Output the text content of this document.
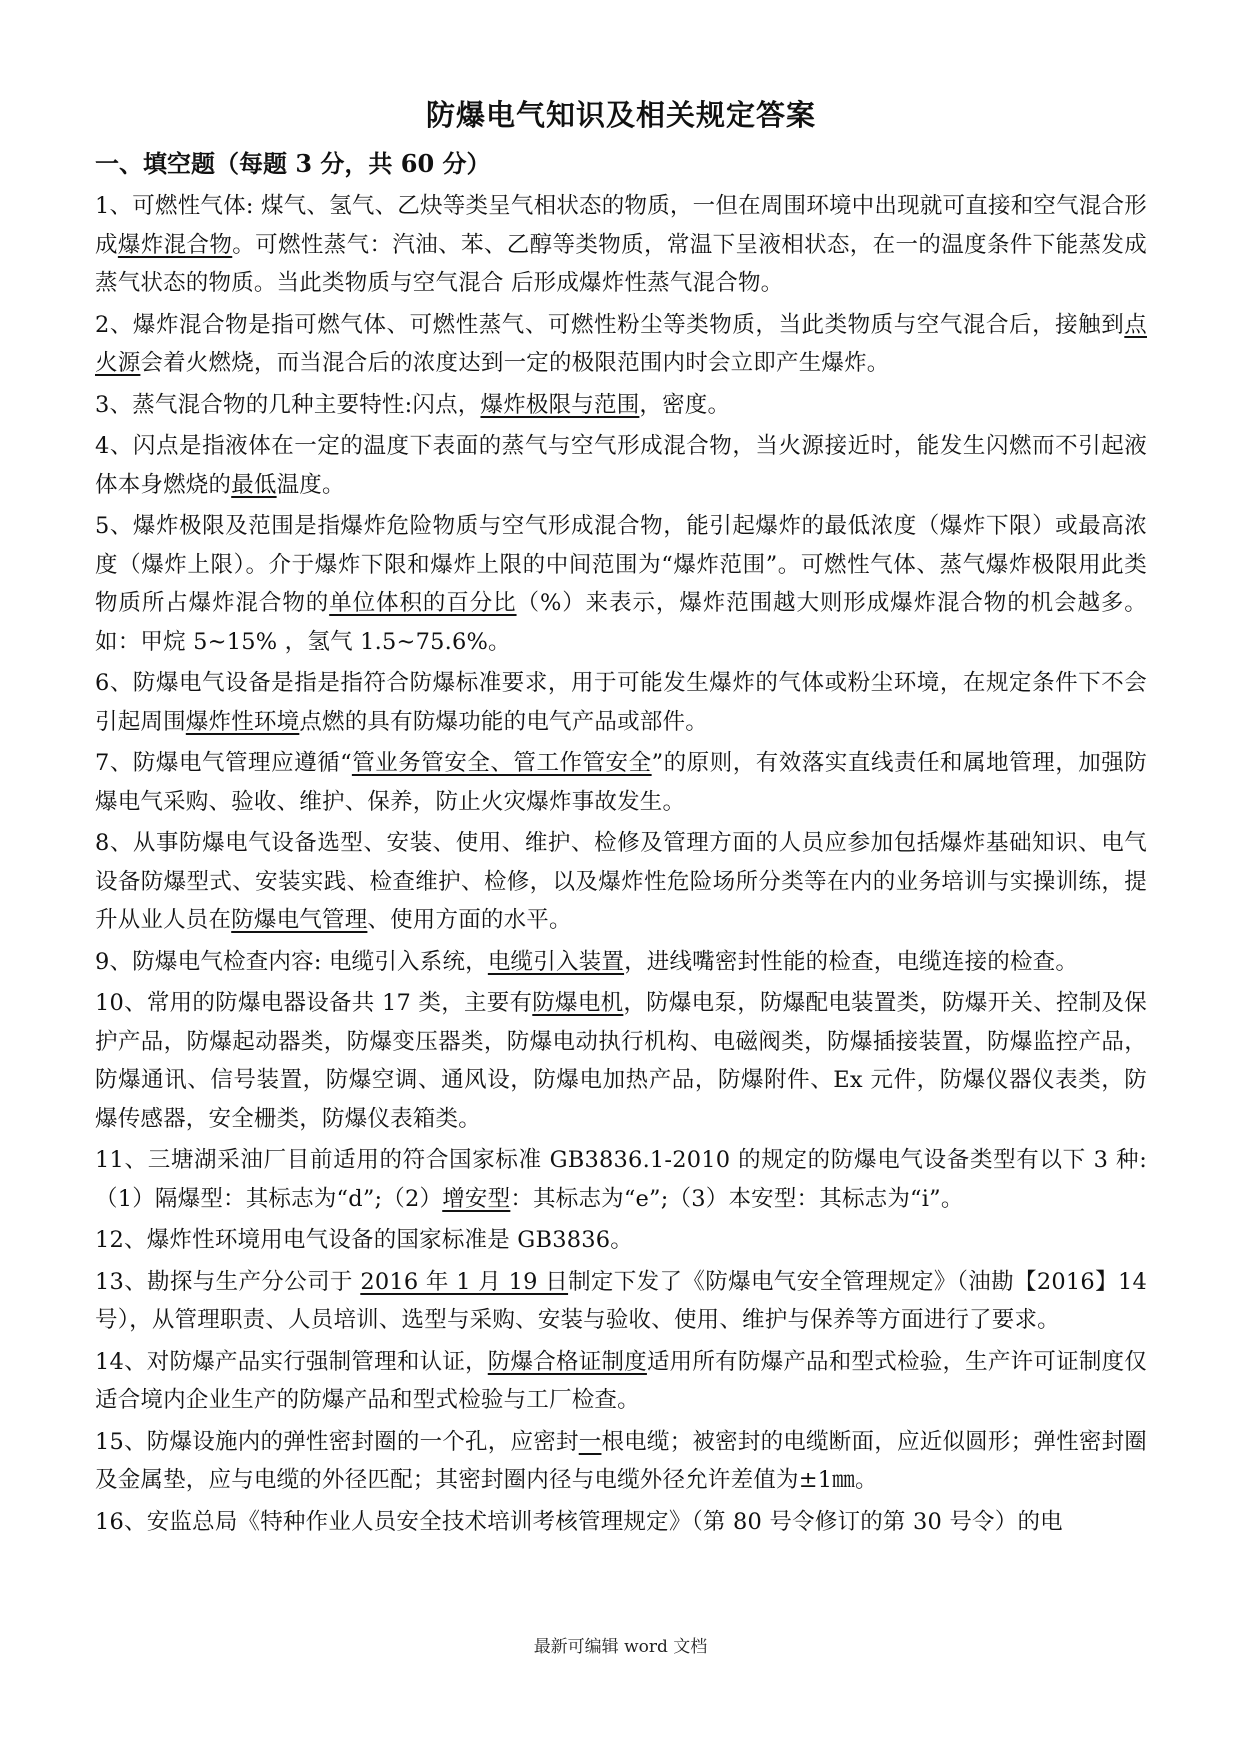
防爆电气知识及相关规定答案
一、填空题（每题 3 分，共 60 分）

1、可燃性气体: 煤气、氢气、乙炔等类呈气相状态的物质，一但在周围环境中出现就可直接和空气混合形成爆炸混合物。可燃性蒸气：汽油、苯、乙醇等类物质，常温下呈液相状态，在一的温度条件下能蒸发成蒸气状态的物质。当此类物质与空气混合 后形成爆炸性蒸气混合物。

2、爆炸混合物是指可燃气体、可燃性蒸气、可燃性粉尘等类物质，当此类物质与空气混合后，接触到点火源会着火燃烧，而当混合后的浓度达到一定的极限范围内时会立即产生爆炸。

3、蒸气混合物的几种主要特性:闪点，爆炸极限与范围，密度。

4、闪点是指液体在一定的温度下表面的蒸气与空气形成混合物，当火源接近时，能发生闪燃而不引起液体本身燃烧的最低温度。

5、爆炸极限及范围是指爆炸危险物质与空气形成混合物，能引起爆炸的最低浓度（爆炸下限）或最高浓度（爆炸上限）。介于爆炸下限和爆炸上限的中间范围为“爆炸范围”。可燃性气体、蒸气爆炸极限用此类物质所占爆炸混合物的单位体积的百分比（%）来表示，爆炸范围越大则形成爆炸混合物的机会越多。如：甲烷 5~15% ，氢气 1.5~75.6%。

6、防爆电气设备是指是指符合防爆标准要求，用于可能发生爆炸的气体或粉尘环境，在规定条件下不会引起周围爆炸性环境点燃的具有防爆功能的电气产品或部件。

7、防爆电气管理应遵循“管业务管安全、管工作管安全”的原则，有效落实直线责任和属地管理，加强防爆电气采购、验收、维护、保养，防止火灾爆炸事故发生。

8、从事防爆电气设备选型、安装、使用、维护、检修及管理方面的人员应参加包括爆炸基础知识、电气设备防爆型式、安装实践、检查维护、检修，以及爆炸性危险场所分类等在内的业务培训与实操训练，提升从业人员在防爆电气管理、使用方面的水平。

9、防爆电气检查内容: 电缆引入系统，电缆引入装置，进线嘴密封性能的检查，电缆连接的检查。

10、常用的防爆电器设备共 17 类，主要有防爆电机，防爆电泵，防爆配电装置类，防爆开关、控制及保护产品，防爆起动器类，防爆变压器类，防爆电动执行机构、电磁阀类，防爆插接装置，防爆监控产品，防爆通讯、信号装置，防爆空调、通风设，防爆电加热产品，防爆附件、Ex 元件，防爆仪器仪表类，防爆传感器，安全栅类，防爆仪表箱类。

11、三塘湖采油厂目前适用的符合国家标准 GB3836.1-2010 的规定的防爆电气设备类型有以下 3 种:（1）隔爆型：其标志为“d”;（2）增安型：其标志为“e”;（3）本安型：其标志为“i”。

12、爆炸性环境用电气设备的国家标准是 GB3836。

13、勘探与生产分公司于 2016 年 1 月 19 日制定下发了《防爆电气安全管理规定》（油勘【2016】14 号），从管理职责、人员培训、选型与采购、安装与验收、使用、维护与保养等方面进行了要求。

14、对防爆产品实行强制管理和认证，防爆合格证制度适用所有防爆产品和型式检验，生产许可证制度仅适合境内企业生产的防爆产品和型式检验与工厂检查。

15、防爆设施内的弹性密封圈的一个孔，应密封一根电缆；被密封的电缆断面，应近似圆形；弹性密封圈及金属垫，应与电缆的外径匹配；其密封圈内径与电缆外径允许差值为±1㎜。

16、安监总局《特种作业人员安全技术培训考核管理规定》（第 80 号令修订的第 30 号令）的电

最新可编辑 word 文档
